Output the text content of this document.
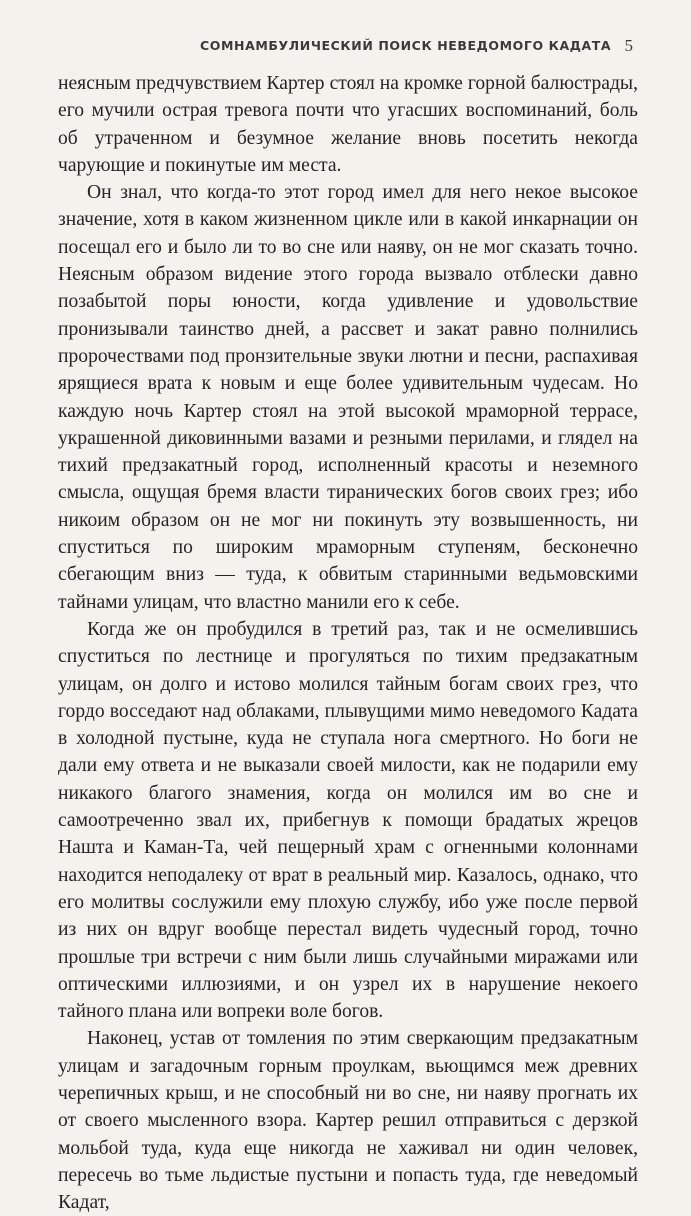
СОМНАМБУЛИЧЕСКИЙ ПОИСК НЕВЕДОМОГО КАДАТА 5

неясным предчувствием Картер стоял на кромке горной балюстрады, его мучили острая тревога почти что угасших воспоминаний, боль об утраченном и безумное желание вновь посетить некогда чарующие и покинутые им места.

Он знал, что когда-то этот город имел для него некое высокое значение, хотя в каком жизненном цикле или в какой инкарнации он посещал его и было ли то во сне или наяву, он не мог сказать точно. Неясным образом видение этого города вызвало отблески давно позабытой поры юности, когда удивление и удовольствие пронизывали таинство дней, а рассвет и закат равно полнились пророчествами под пронзительные звуки лютни и песни, распахивая ярящиеся врата к новым и еще более удивительным чудесам. Но каждую ночь Картер стоял на этой высокой мраморной террасе, украшенной диковинными вазами и резными перилами, и глядел на тихий предзакатный город, исполненный красоты и неземного смысла, ощущая бремя власти тиранических богов своих грез; ибо никоим образом он не мог ни покинуть эту возвышенность, ни спуститься по широким мраморным ступеням, бесконечно сбегающим вниз — туда, к обвитым старинными ведьмовскими тайнами улицам, что властно манили его к себе.

Когда же он пробудился в третий раз, так и не осмелившись спуститься по лестнице и прогуляться по тихим предзакатным улицам, он долго и истово молился тайным богам своих грез, что гордо восседают над облаками, плывущими мимо неведомого Кадата в холодной пустыне, куда не ступала нога смертного. Но боги не дали ему ответа и не выказали своей милости, как не подарили ему никакого благого знамения, когда он молился им во сне и самоотреченно звал их, прибегнув к помощи брадатых жрецов Нашта и Каман-Та, чей пещерный храм с огненными колоннами находится неподалеку от врат в реальный мир. Казалось, однако, что его молитвы сослужили ему плохую службу, ибо уже после первой из них он вдруг вообще перестал видеть чудесный город, точно прошлые три встречи с ним были лишь случайными миражами или оптическими иллюзиями, и он узрел их в нарушение некоего тайного плана или вопреки воле богов.

Наконец, устав от томления по этим сверкающим предзакатным улицам и загадочным горным проулкам, вьющимся меж древних черепичных крыш, и не способный ни во сне, ни наяву прогнать их от своего мысленного взора. Картер решил отправиться с дерзкой мольбой туда, куда еще никогда не хаживал ни один человек, пересечь во тьме льдистые пустыни и попасть туда, где неведомый Кадат,
